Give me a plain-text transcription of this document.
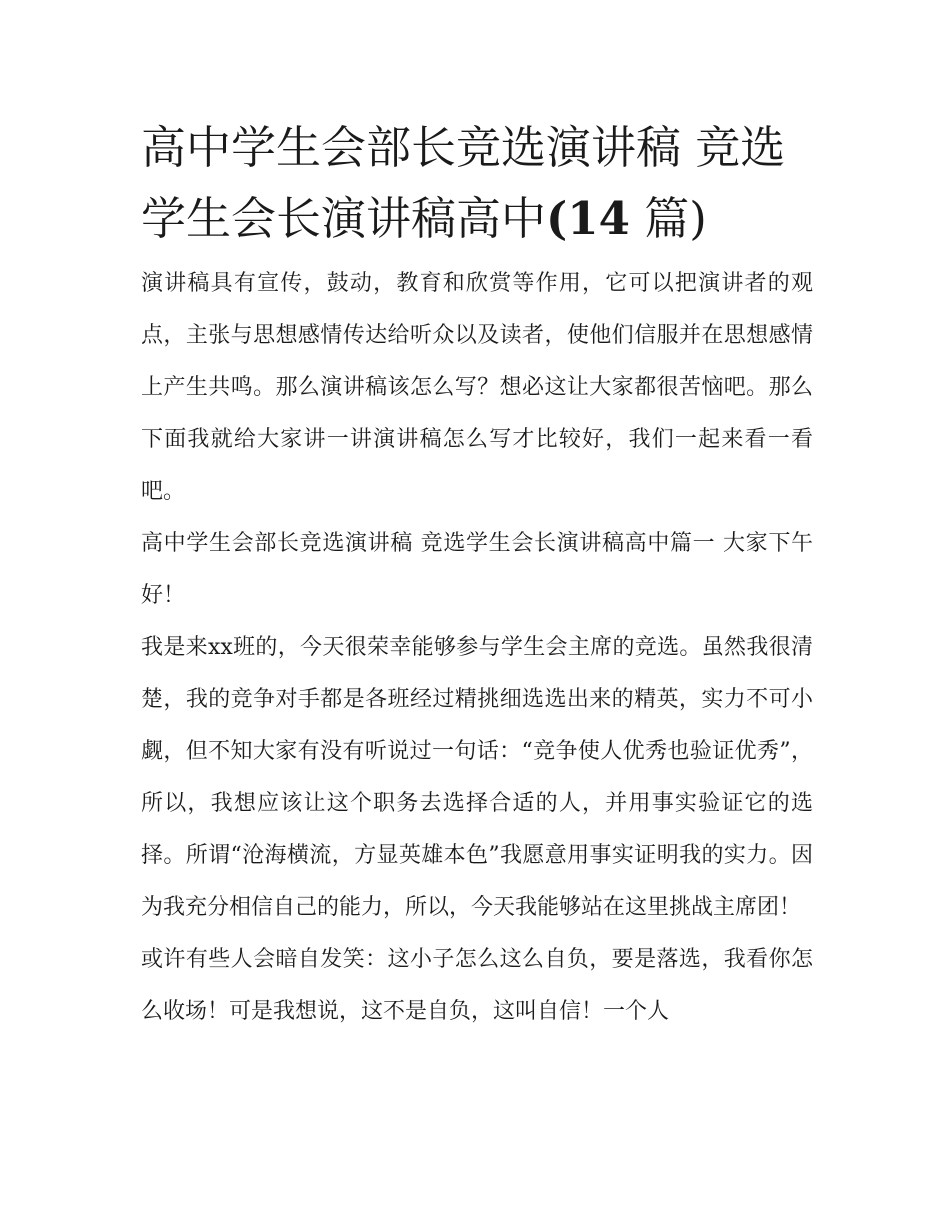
高中学生会部长竞选演讲稿 竞选学生会长演讲稿高中(14 篇)

演讲稿具有宣传，鼓动，教育和欣赏等作用，它可以把演讲者的观点，主张与思想感情传达给听众以及读者，使他们信服并在思想感情上产生共鸣。那么演讲稿该怎么写？想必这让大家都很苦恼吧。那么下面我就给大家讲一讲演讲稿怎么写才比较好，我们一起来看一看吧。

高中学生会部长竞选演讲稿 竞选学生会长演讲稿高中篇一 大家下午好！

我是来xx班的，今天很荣幸能够参与学生会主席的竞选。虽然我很清楚，我的竞争对手都是各班经过精挑细选选出来的精英，实力不可小觑，但不知大家有没有听说过一句话：“竞争使人优秀也验证优秀”，所以，我想应该让这个职务去选择合适的人，并用事实验证它的选择。所谓“沧海横流，方显英雄本色”我愿意用事实证明我的实力。因为我充分相信自己的能力，所以，今天我能够站在这里挑战主席团！

或许有些人会暗自发笑：这小子怎么这么自负，要是落选，我看你怎么收场！可是我想说，这不是自负，这叫自信！一个人
